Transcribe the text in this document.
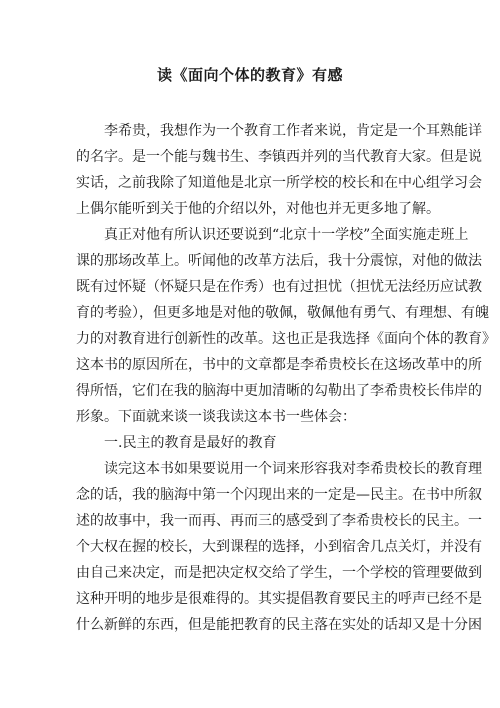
读《面向个体的教育》有感
李希贵，我想作为一个教育工作者来说，肯定是一个耳熟能详
的名字。是一个能与魏书生、李镇西并列的当代教育大家。但是说
实话，之前我除了知道他是北京一所学校的校长和在中心组学习会
上偶尔能听到关于他的介绍以外，对他也并无更多地了解。
真正对他有所认识还要说到“北京十一学校”全面实施走班上
课的那场改革上。听闻他的改革方法后，我十分震惊，对他的做法
既有过怀疑（怀疑只是在作秀）也有过担忧（担忧无法经历应试教
育的考验），但更多地是对他的敬佩，敬佩他有勇气、有理想、有魄
力的对教育进行创新性的改革。这也正是我选择《面向个体的教育》
这本书的原因所在，书中的文章都是李希贵校长在这场改革中的所
得所悟，它们在我的脑海中更加清晰的勾勒出了李希贵校长伟岸的
形象。下面就来谈一谈我读这本书一些体会：
一.民主的教育是最好的教育
读完这本书如果要说用一个词来形容我对李希贵校长的教育理
念的话，我的脑海中第一个闪现出来的一定是—民主。在书中所叙
述的故事中，我一而再、再而三的感受到了李希贵校长的民主。一
个大权在握的校长，大到课程的选择，小到宿舍几点关灯，并没有
由自己来决定，而是把决定权交给了学生，一个学校的管理要做到
这种开明的地步是很难得的。其实提倡教育要民主的呼声已经不是
什么新鲜的东西，但是能把教育的民主落在实处的话却又是十分困
